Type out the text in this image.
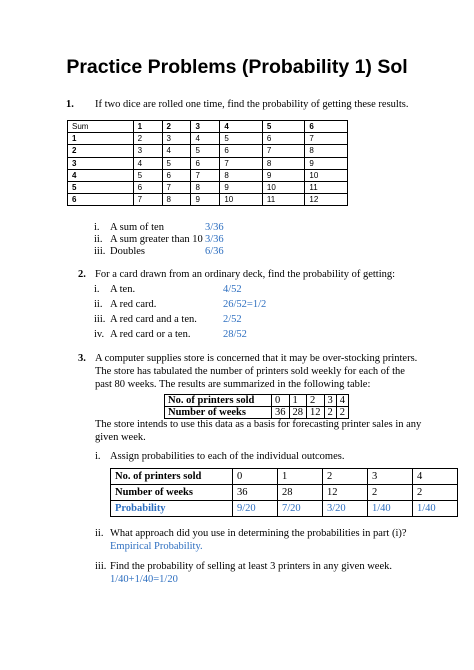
Practice Problems (Probability 1) Sol
1. If two dice are rolled one time, find the probability of getting these results.
Sum	1	2	3	4	5	6
1	2	3	4	5	6	7
2	3	4	5	6	7	8
3	4	5	6	7	8	9
4	5	6	7	8	9	10
5	6	7	8	9	10	11
6	7	8	9	10	11	12
i. A sum of ten	3/36
ii. A sum greater than 10 3/36
iii. Doubles	6/36
2. For a card drawn from an ordinary deck, find the probability of getting:
i. A ten.	4/52
ii. A red card.	26/52=1/2
iii. A red card and a ten. 2/52
iv. A red card or a ten.	28/52
3. A computer supplies store is concerned that it may be over-stocking printers.
The store has tabulated the number of printers sold weekly for each of the
past 80 weeks. The results are summarized in the following table:
No. of printers sold	0	1	2	3	4
Number of weeks	36	28	12	2	2
The store intends to use this data as a basis for forecasting printer sales in any
given week.
i. Assign probabilities to each of the individual outcomes.
No. of printers sold	0	1	2	3	4
Number of weeks	36	28	12	2	2
Probability	9/20	7/20	3/20	1/40	1/40
ii. What approach did you use in determining the probabilities in part (i)?
Empirical Probability.
iii. Find the probability of selling at least 3 printers in any given week.
1/40+1/40=1/20
